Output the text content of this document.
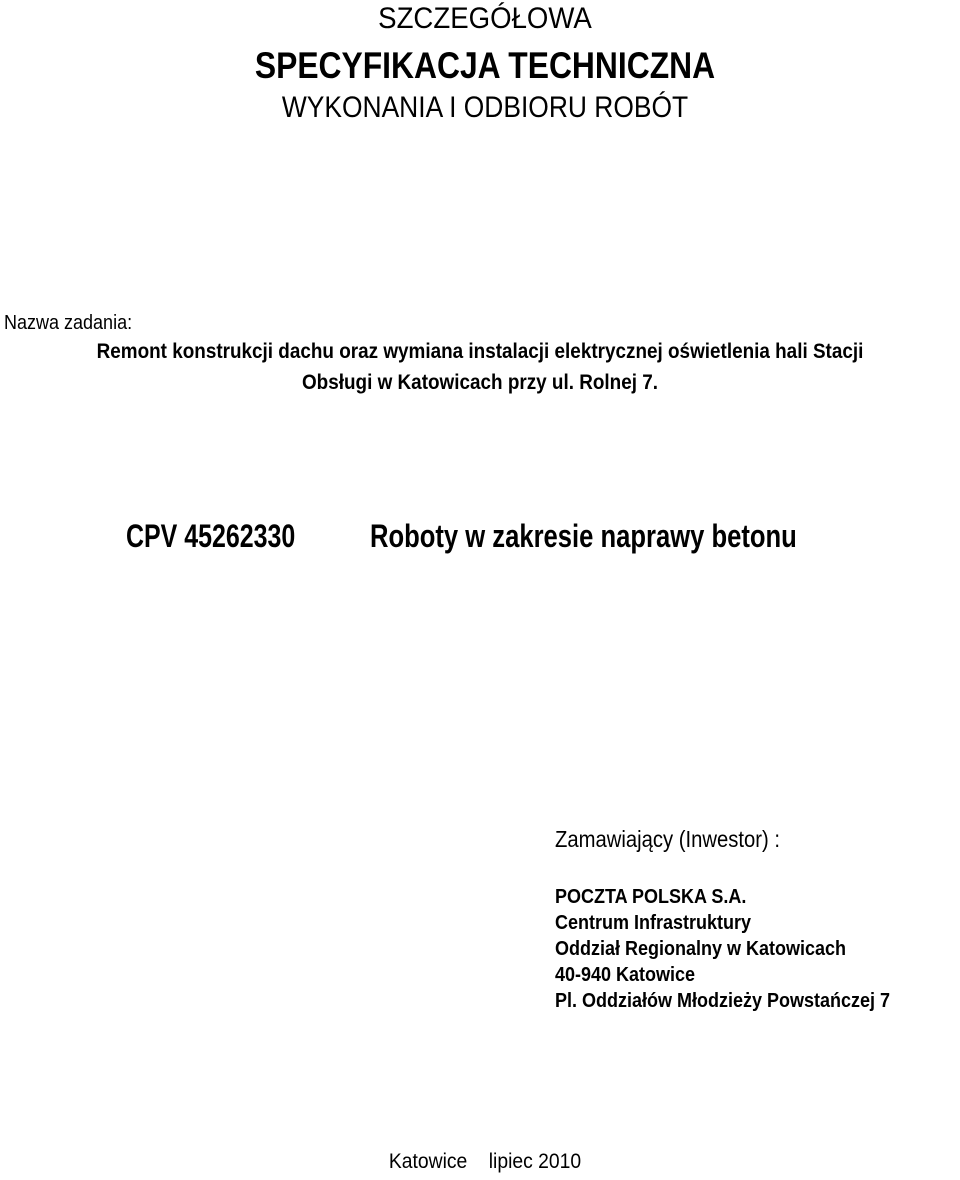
SZCZEGÓŁOWA
SPECYFIKACJA TECHNICZNA
WYKONANIA I ODBIORU ROBÓT
Nazwa zadania:
Remont konstrukcji dachu oraz wymiana instalacji elektrycznej oświetlenia hali Stacji
Obsługi w Katowicach przy ul. Rolnej 7.
CPV 45262330 Roboty w zakresie naprawy betonu
Zamawiający (Inwestor) :
POCZTA POLSKA S.A.
Centrum Infrastruktury
Oddział Regionalny w Katowicach
40-940 Katowice
Pl. Oddziałów Młodzieży Powstańczej 7
Katowice    lipiec 2010
